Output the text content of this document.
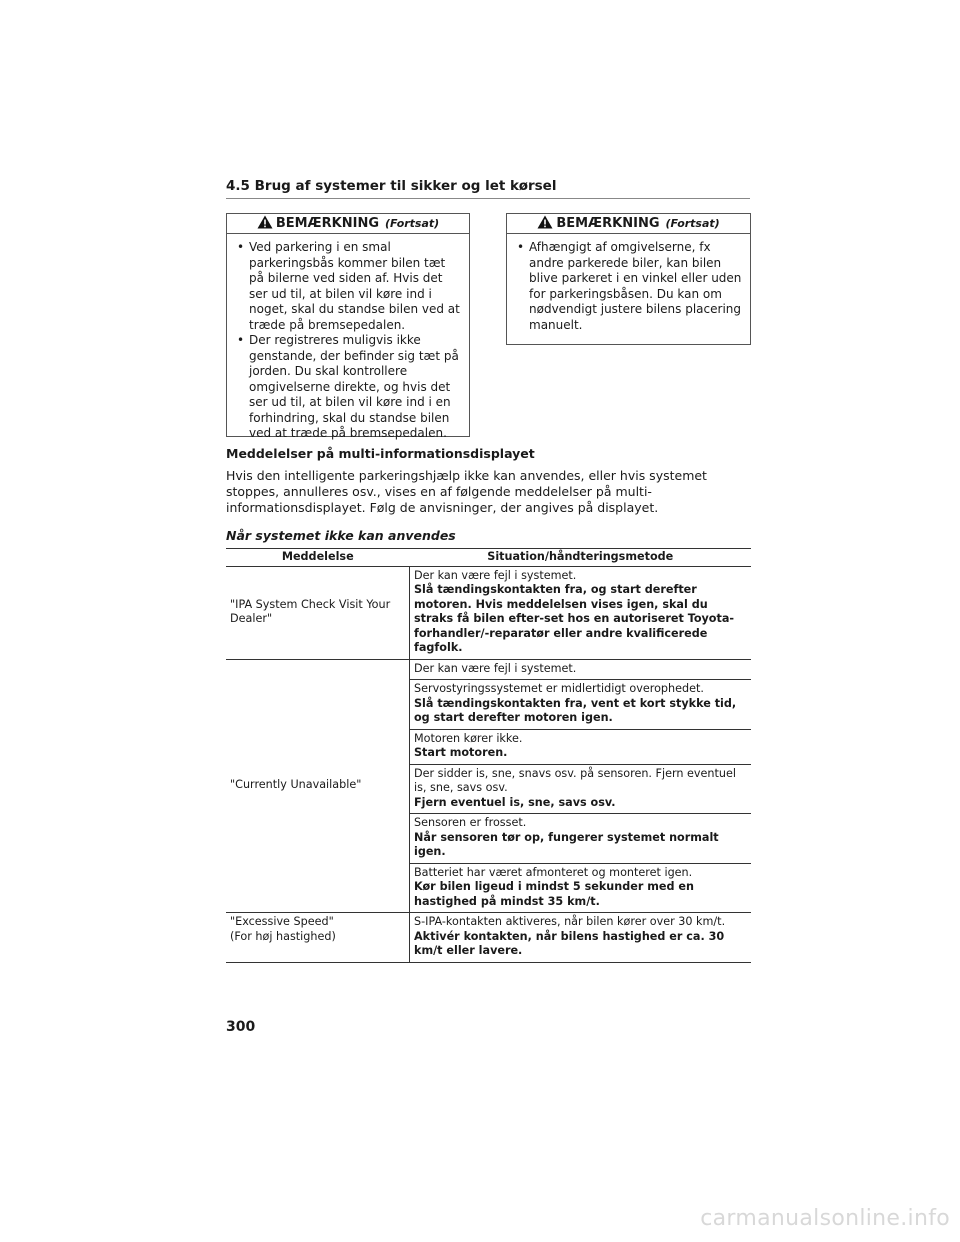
4.5 Brug af systemer til sikker og let kørsel
BEMÆRKNING (Fortsat)
• Ved parkering i en smal parkeringsbås kommer bilen tæt på bilerne ved siden af. Hvis det ser ud til, at bilen vil køre ind i noget, skal du standse bilen ved at træde på bremsepedalen.
• Der registreres muligvis ikke genstande, der befinder sig tæt på jorden. Du skal kontrollere omgivelserne direkte, og hvis det ser ud til, at bilen vil køre ind i en forhindring, skal du standse bilen ved at træde på bremsepedalen.
BEMÆRKNING (Fortsat)
• Afhængigt af omgivelserne, fx andre parkerede biler, kan bilen blive parkeret i en vinkel eller uden for parkeringsbåsen. Du kan om nødvendigt justere bilens placering manuelt.
Meddelelser på multi-informationsdisplayet
Hvis den intelligente parkeringshjælp ikke kan anvendes, eller hvis systemet stoppes, annulleres osv., vises en af følgende meddelelser på multi-informationsdisplayet. Følg de anvisninger, der angives på displayet.
Når systemet ikke kan anvendes
Meddelelse	Situation/håndteringsmetode
"IPA System Check Visit Your Dealer"	Der kan være fejl i systemet.
Slå tændingskontakten fra, og start derefter motoren. Hvis meddelelsen vises igen, skal du straks få bilen efter-set hos en autoriseret Toyota-forhandler/-reparatør eller andre kvalificerede fagfolk.

"Currently Unavailable"	Der kan være fejl i systemet.
	Servostyringssystemet er midlertidigt overophedet.
Slå tændingskontakten fra, vent et kort stykke tid, og start derefter motoren igen.

	Motoren kører ikke.
Start motoren.

	Der sidder is, sne, snavs osv. på sensoren. Fjern eventuel is, sne, savs osv.
Fjern eventuel is, sne, savs osv.

	Sensoren er frosset.
Når sensoren tør op, fungerer systemet normalt igen.

	Batteriet har været afmonteret og monteret igen.
Kør bilen ligeud i mindst 5 sekunder med en hastighed på mindst 35 km/t.

"Excessive Speed"
(For høj hastighed)	S-IPA-kontakten aktiveres, når bilen kører over 30 km/t.
Aktivér kontakten, når bilens hastighed er ca. 30 km/t eller lavere.
300
carmanualsonline.info
